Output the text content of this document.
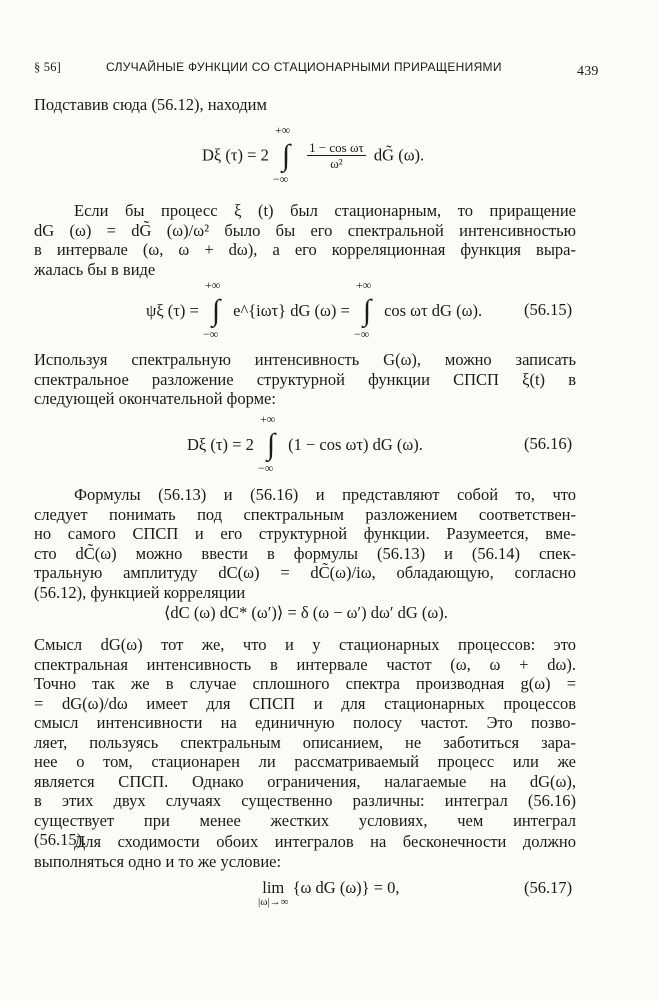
§ 56]	СЛУЧАЙНЫЕ ФУНКЦИИ СО СТАЦИОНАРНЫМИ ПРИРАЩЕНИЯМИ	439
Подставив сюда (56.12), находим
Dξ (τ) = 2
+∞
∫
−∞

$\frac{\text{1 − cos ωτ}}{\text{ω²}}$ dG̃ (ω).
Если бы процесс ξ (t) был стационарным, то приращение
dG (ω) = dG̃ (ω)/ω² было бы его спектральной интенсивностью
в интервале (ω, ω + dω), а его корреляционная функция выра-
жалась бы в виде
ψξ (τ) =
+∞
∫
−∞
e^{iωτ} dG (ω) =
+∞
∫
−∞
cos ωτ dG (ω).	(56.15)
Используя спектральную интенсивность G(ω), можно записать
спектральное разложение структурной функции СПСП ξ(t) в
следующей окончательной форме:
Dξ (τ) = 2
+∞
∫
−∞
(1 − cos ωτ) dG (ω).	(56.16)
Формулы (56.13) и (56.16) и представляют собой то, что
следует понимать под спектральным разложением соответствен-
но самого СПСП и его структурной функции. Разумеется, вме-
сто dC̃(ω) можно ввести в формулы (56.13) и (56.14) спек-
тральную амплитуду dC(ω) = dC̃(ω)/iω, обладающую, согласно
(56.12), функцией корреляции
⟨dC (ω) dC* (ω′)⟩ = δ (ω − ω′) dω′ dG (ω).
Смысл dG(ω) тот же, что и у стационарных процессов: это
спектральная интенсивность в интервале частот (ω, ω + dω).
Точно так же в случае сплошного спектра производная g(ω) =
= dG(ω)/dω имеет для СПСП и для стационарных процессов
смысл интенсивности на единичную полосу частот. Это позво-
ляет, пользуясь спектральным описанием, не заботиться зара-
нее о том, стационарен ли рассматриваемый процесс или же
является СПСП. Однако ограничения, налагаемые на dG(ω),
в этих двух случаях существенно различны: интеграл (56.16)
существует при менее жестких условиях, чем интеграл
(56.15).
Для сходимости обоих интегралов на бесконечности должно
выполняться одно и то же условие:
lim
|ω|→∞
{ω dG (ω)} = 0,	(56.17)
